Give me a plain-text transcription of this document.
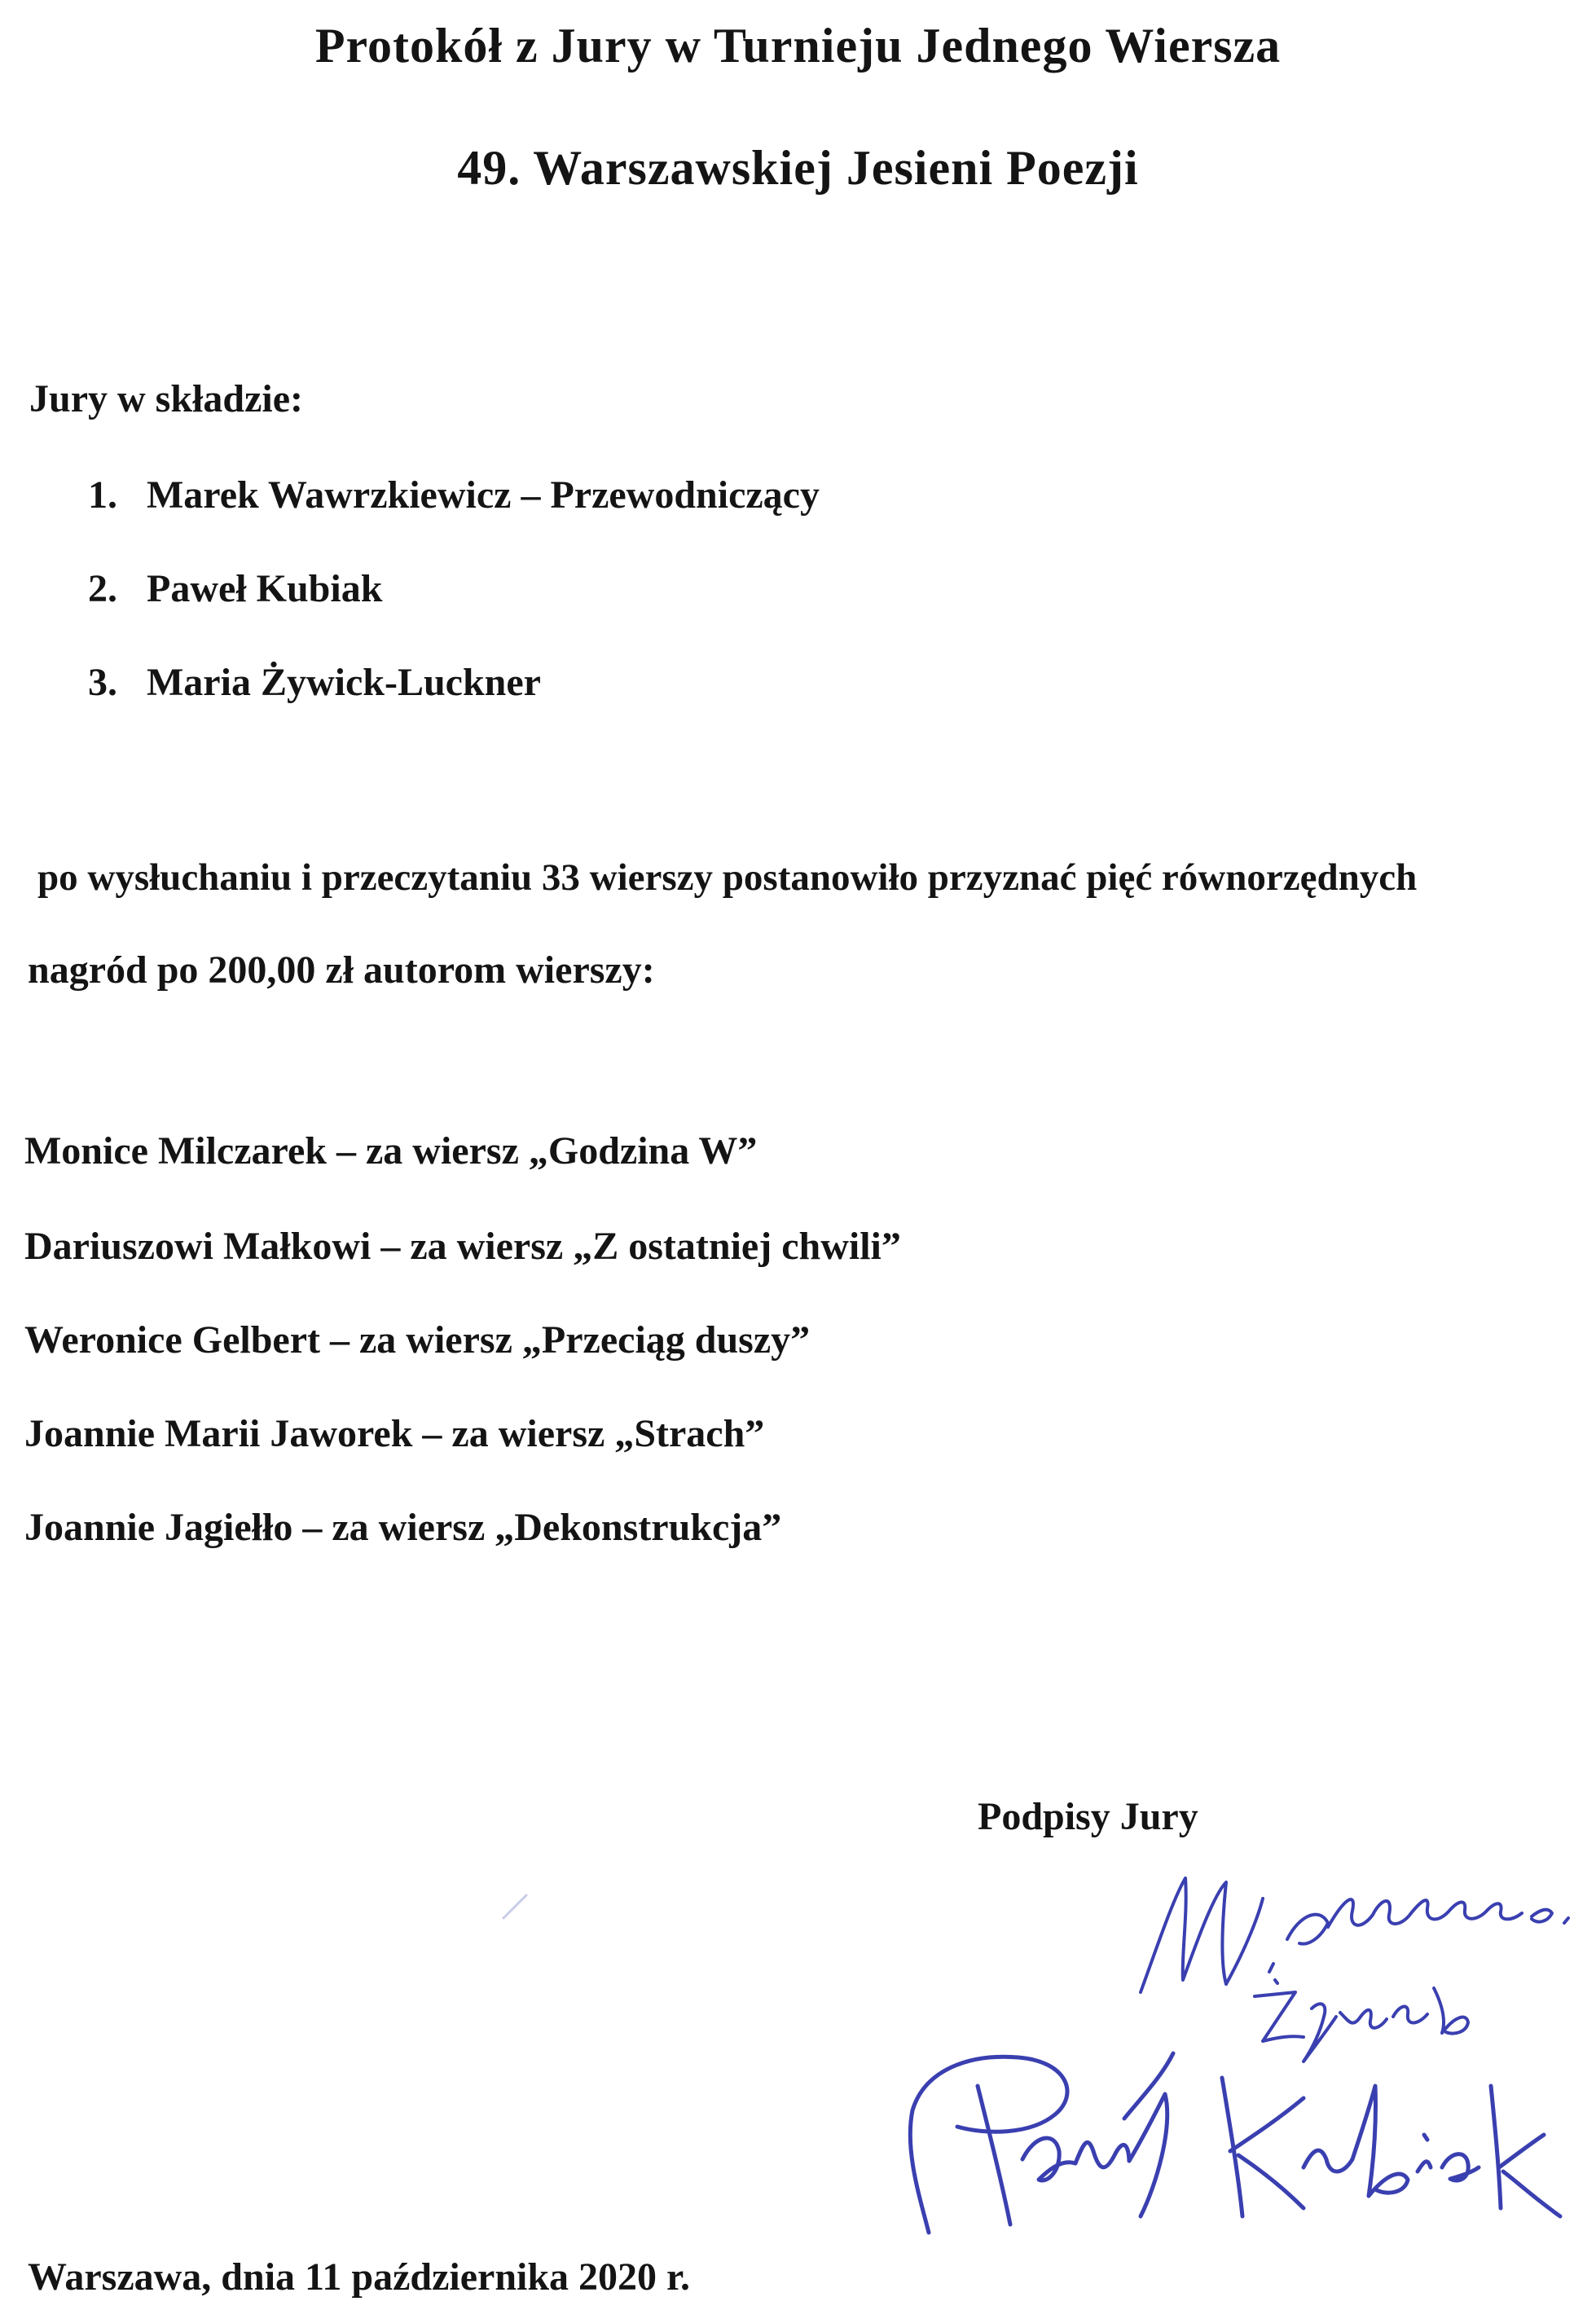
Protokół z Jury w Turnieju Jednego Wiersza
49. Warszawskiej Jesieni Poezji

Jury w składzie:

1. Marek Wawrzkiewicz – Przewodniczący
2. Paweł Kubiak
3. Maria Żywick-Luckner

po wysłuchaniu i przeczytaniu 33 wierszy postanowiło przyznać pięć równorzędnych

nagród po 200,00 zł autorom wierszy:

Monice Milczarek – za wiersz „Godzina W”

Dariuszowi Małkowi – za wiersz „Z ostatniej chwili”

Weronice Gelbert – za wiersz „Przeciąg duszy”

Joannie Marii Jaworek – za wiersz „Strach”

Joannie Jagiełło – za wiersz „Dekonstrukcja”

Podpisy Jury

Warszawa, dnia 11 października 2020 r.
